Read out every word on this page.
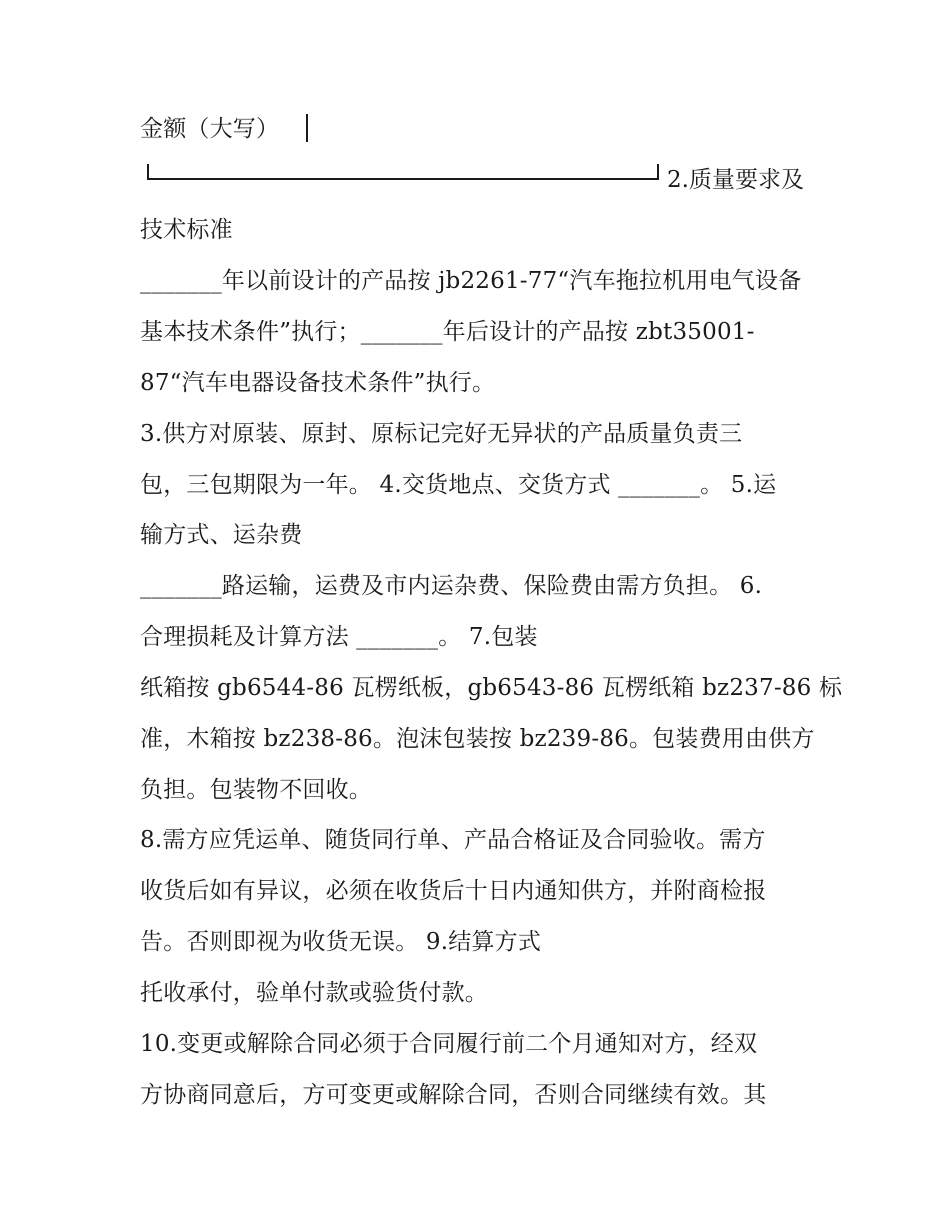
金额（大写）
2.质量要求及
技术标准
_______年以前设计的产品按 jb2261-77“汽车拖拉机用电气设备
基本技术条件”执行；_______年后设计的产品按 zbt35001-
87“汽车电器设备技术条件”执行。
3.供方对原装、原封、原标记完好无异状的产品质量负责三
包，三包期限为一年。 4.交货地点、交货方式 _______。 5.运
输方式、运杂费
_______路运输，运费及市内运杂费、保险费由需方负担。 6.
合理损耗及计算方法 _______。 7.包装
纸箱按 gb6544-86 瓦楞纸板，gb6543-86 瓦楞纸箱 bz237-86 标
准，木箱按 bz238-86。泡沫包装按 bz239-86。包装费用由供方
负担。包装物不回收。
8.需方应凭运单、随货同行单、产品合格证及合同验收。需方
收货后如有异议，必须在收货后十日内通知供方，并附商检报
告。否则即视为收货无误。 9.结算方式
托收承付，验单付款或验货付款。
10.变更或解除合同必须于合同履行前二个月通知对方，经双
方协商同意后，方可变更或解除合同，否则合同继续有效。其
